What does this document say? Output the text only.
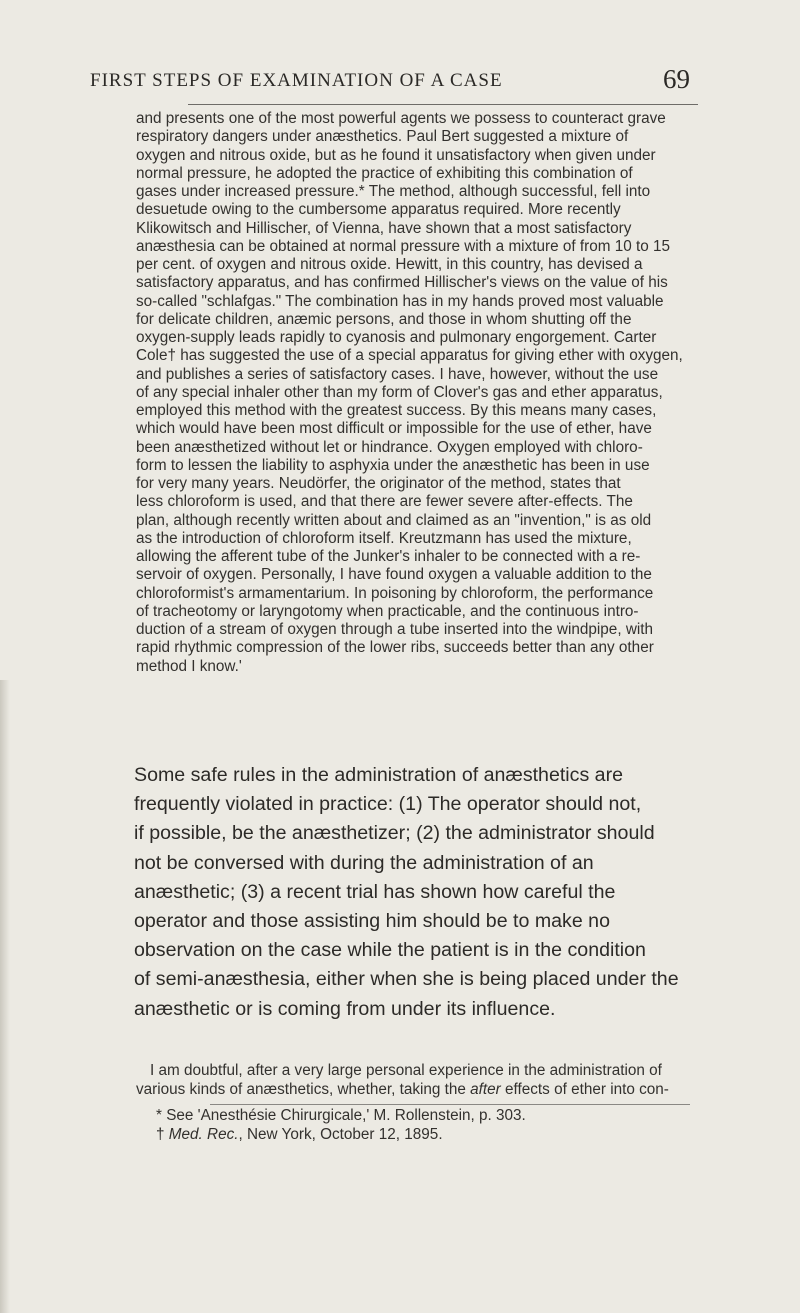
FIRST STEPS OF EXAMINATION OF A CASE	69
and presents one of the most powerful agents we possess to counteract grave
respiratory dangers under anæsthetics. Paul Bert suggested a mixture of
oxygen and nitrous oxide, but as he found it unsatisfactory when given under
normal pressure, he adopted the practice of exhibiting this combination of
gases under increased pressure.* The method, although successful, fell into
desuetude owing to the cumbersome apparatus required. More recently
Klikowitsch and Hillischer, of Vienna, have shown that a most satisfactory
anæsthesia can be obtained at normal pressure with a mixture of from 10 to 15
per cent. of oxygen and nitrous oxide. Hewitt, in this country, has devised a
satisfactory apparatus, and has confirmed Hillischer's views on the value of his
so-called "schlafgas." The combination has in my hands proved most valuable
for delicate children, anæmic persons, and those in whom shutting off the
oxygen-supply leads rapidly to cyanosis and pulmonary engorgement. Carter
Cole† has suggested the use of a special apparatus for giving ether with oxygen,
and publishes a series of satisfactory cases. I have, however, without the use
of any special inhaler other than my form of Clover's gas and ether apparatus,
employed this method with the greatest success. By this means many cases,
which would have been most difficult or impossible for the use of ether, have
been anæsthetized without let or hindrance. Oxygen employed with chloro-
form to lessen the liability to asphyxia under the anæsthetic has been in use
for very many years. Neudörfer, the originator of the method, states that
less chloroform is used, and that there are fewer severe after-effects. The
plan, although recently written about and claimed as an "invention," is as old
as the introduction of chloroform itself. Kreutzmann has used the mixture,
allowing the afferent tube of the Junker's inhaler to be connected with a re-
servoir of oxygen. Personally, I have found oxygen a valuable addition to the
chloroformist's armamentarium. In poisoning by chloroform, the performance
of tracheotomy or laryngotomy when practicable, and the continuous intro-
duction of a stream of oxygen through a tube inserted into the windpipe, with
rapid rhythmic compression of the lower ribs, succeeds better than any other
method I know.'
Some safe rules in the administration of anæsthetics are
frequently violated in practice: (1) The operator should not,
if possible, be the anæsthetizer; (2) the administrator should
not be conversed with during the administration of an
anæsthetic; (3) a recent trial has shown how careful the
operator and those assisting him should be to make no
observation on the case while the patient is in the condition
of semi-anæsthesia, either when she is being placed under the
anæsthetic or is coming from under its influence.
I am doubtful, after a very large personal experience in the administration of
various kinds of anæsthetics, whether, taking the after effects of ether into con-
* See 'Anesthésie Chirurgicale,' M. Rollenstein, p. 303.
† Med. Rec., New York, October 12, 1895.
